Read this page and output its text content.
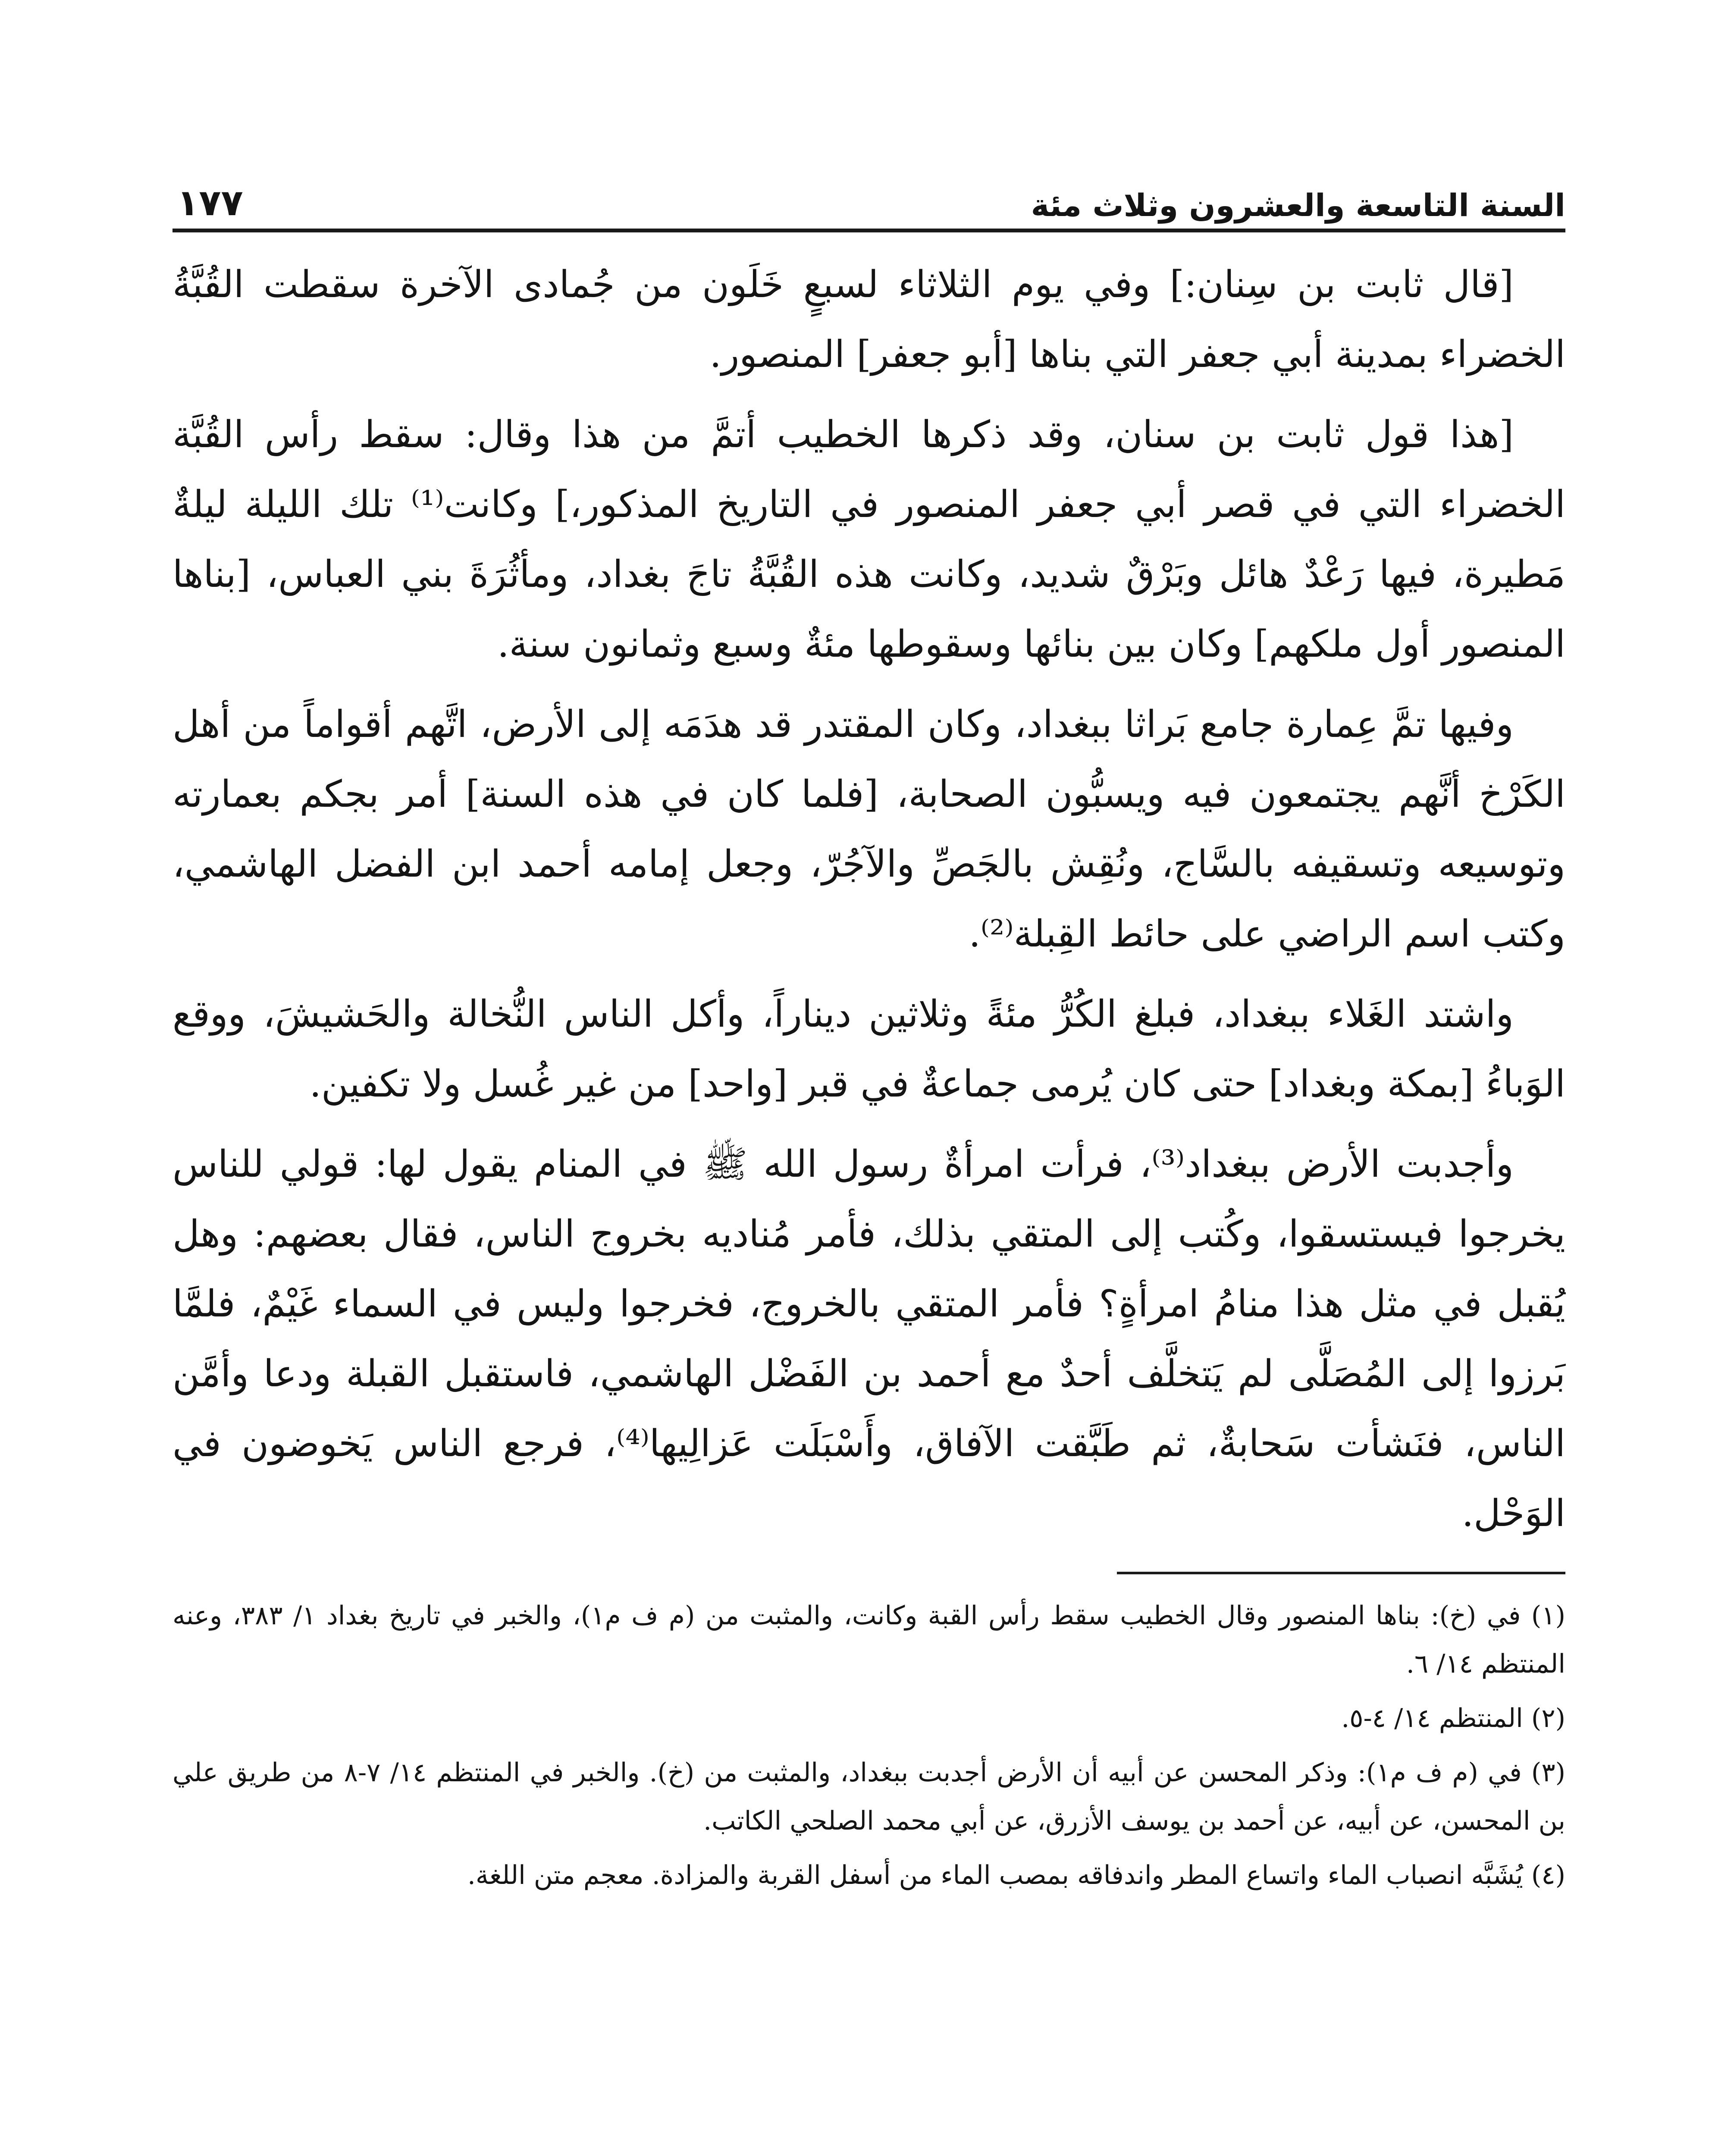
السنة التاسعة والعشرون وثلاث مئة
١٧٧

[قال ثابت بن سِنان:] وفي يوم الثلاثاء لسبعٍ خَلَون من جُمادى الآخرة سقطت القُبَّةُ الخضراء بمدينة أبي جعفر التي بناها [أبو جعفر] المنصور.

[هذا قول ثابت بن سنان، وقد ذكرها الخطيب أتمَّ من هذا وقال: سقط رأس القُبَّة الخضراء التي في قصر أبي جعفر المنصور في التاريخ المذكور،] وكانت⁽¹⁾ تلك الليلة ليلةٌ مَطيرة، فيها رَعْدٌ هائل وبَرْقٌ شديد، وكانت هذه القُبَّةُ تاجَ بغداد، ومأثُرَةَ بني العباس، [بناها المنصور أول ملكهم] وكان بين بنائها وسقوطها مئةٌ وسبع وثمانون سنة.

وفيها تمَّ عِمارة جامع بَراثا ببغداد، وكان المقتدر قد هدَمَه إلى الأرض، اتَّهم أقواماً من أهل الكَرْخ أنَّهم يجتمعون فيه ويسبُّون الصحابة، [فلما كان في هذه السنة] أمر بجكم بعمارته وتوسيعه وتسقيفه بالسَّاج، ونُقِش بالجَصِّ والآجُرّ، وجعل إمامه أحمد ابن الفضل الهاشمي، وكتب اسم الراضي على حائط القِبلة⁽²⁾.

واشتد الغَلاء ببغداد، فبلغ الكُرُّ مئةً وثلاثين ديناراً، وأكل الناس النُّخالة والحَشيشَ، ووقع الوَباءُ [بمكة وبغداد] حتى كان يُرمى جماعةٌ في قبر [واحد] من غير غُسل ولا تكفين.

وأجدبت الأرض ببغداد⁽³⁾، فرأت امرأةٌ رسول الله ﷺ في المنام يقول لها: قولي للناس يخرجوا فيستسقوا، وكُتب إلى المتقي بذلك، فأمر مُناديه بخروج الناس، فقال بعضهم: وهل يُقبل في مثل هذا منامُ امرأةٍ؟ فأمر المتقي بالخروج، فخرجوا وليس في السماء غَيْمٌ، فلمَّا بَرزوا إلى المُصَلَّى لم يَتخلَّف أحدٌ مع أحمد بن الفَضْل الهاشمي، فاستقبل القبلة ودعا وأمَّن الناس، فنَشأت سَحابةٌ، ثم طَبَّقت الآفاق، وأَسْبَلَت عَزالِيها⁽⁴⁾، فرجع الناس يَخوضون في الوَحْل.

(١) في (خ): بناها المنصور وقال الخطيب سقط رأس القبة وكانت، والمثبت من (م ف م١)، والخبر في تاريخ بغداد ١/ ٣٨٣، وعنه المنتظم ١٤/ ٦.

(٢) المنتظم ١٤/ ٤-٥.

(٣) في (م ف م١): وذكر المحسن عن أبيه أن الأرض أجدبت ببغداد، والمثبت من (خ). والخبر في المنتظم ١٤/ ٧-٨ من طريق علي بن المحسن، عن أبيه، عن أحمد بن يوسف الأزرق، عن أبي محمد الصلحي الكاتب.

(٤) يُشَبَّه انصباب الماء واتساع المطر واندفاقه بمصب الماء من أسفل القربة والمزادة. معجم متن اللغة.
